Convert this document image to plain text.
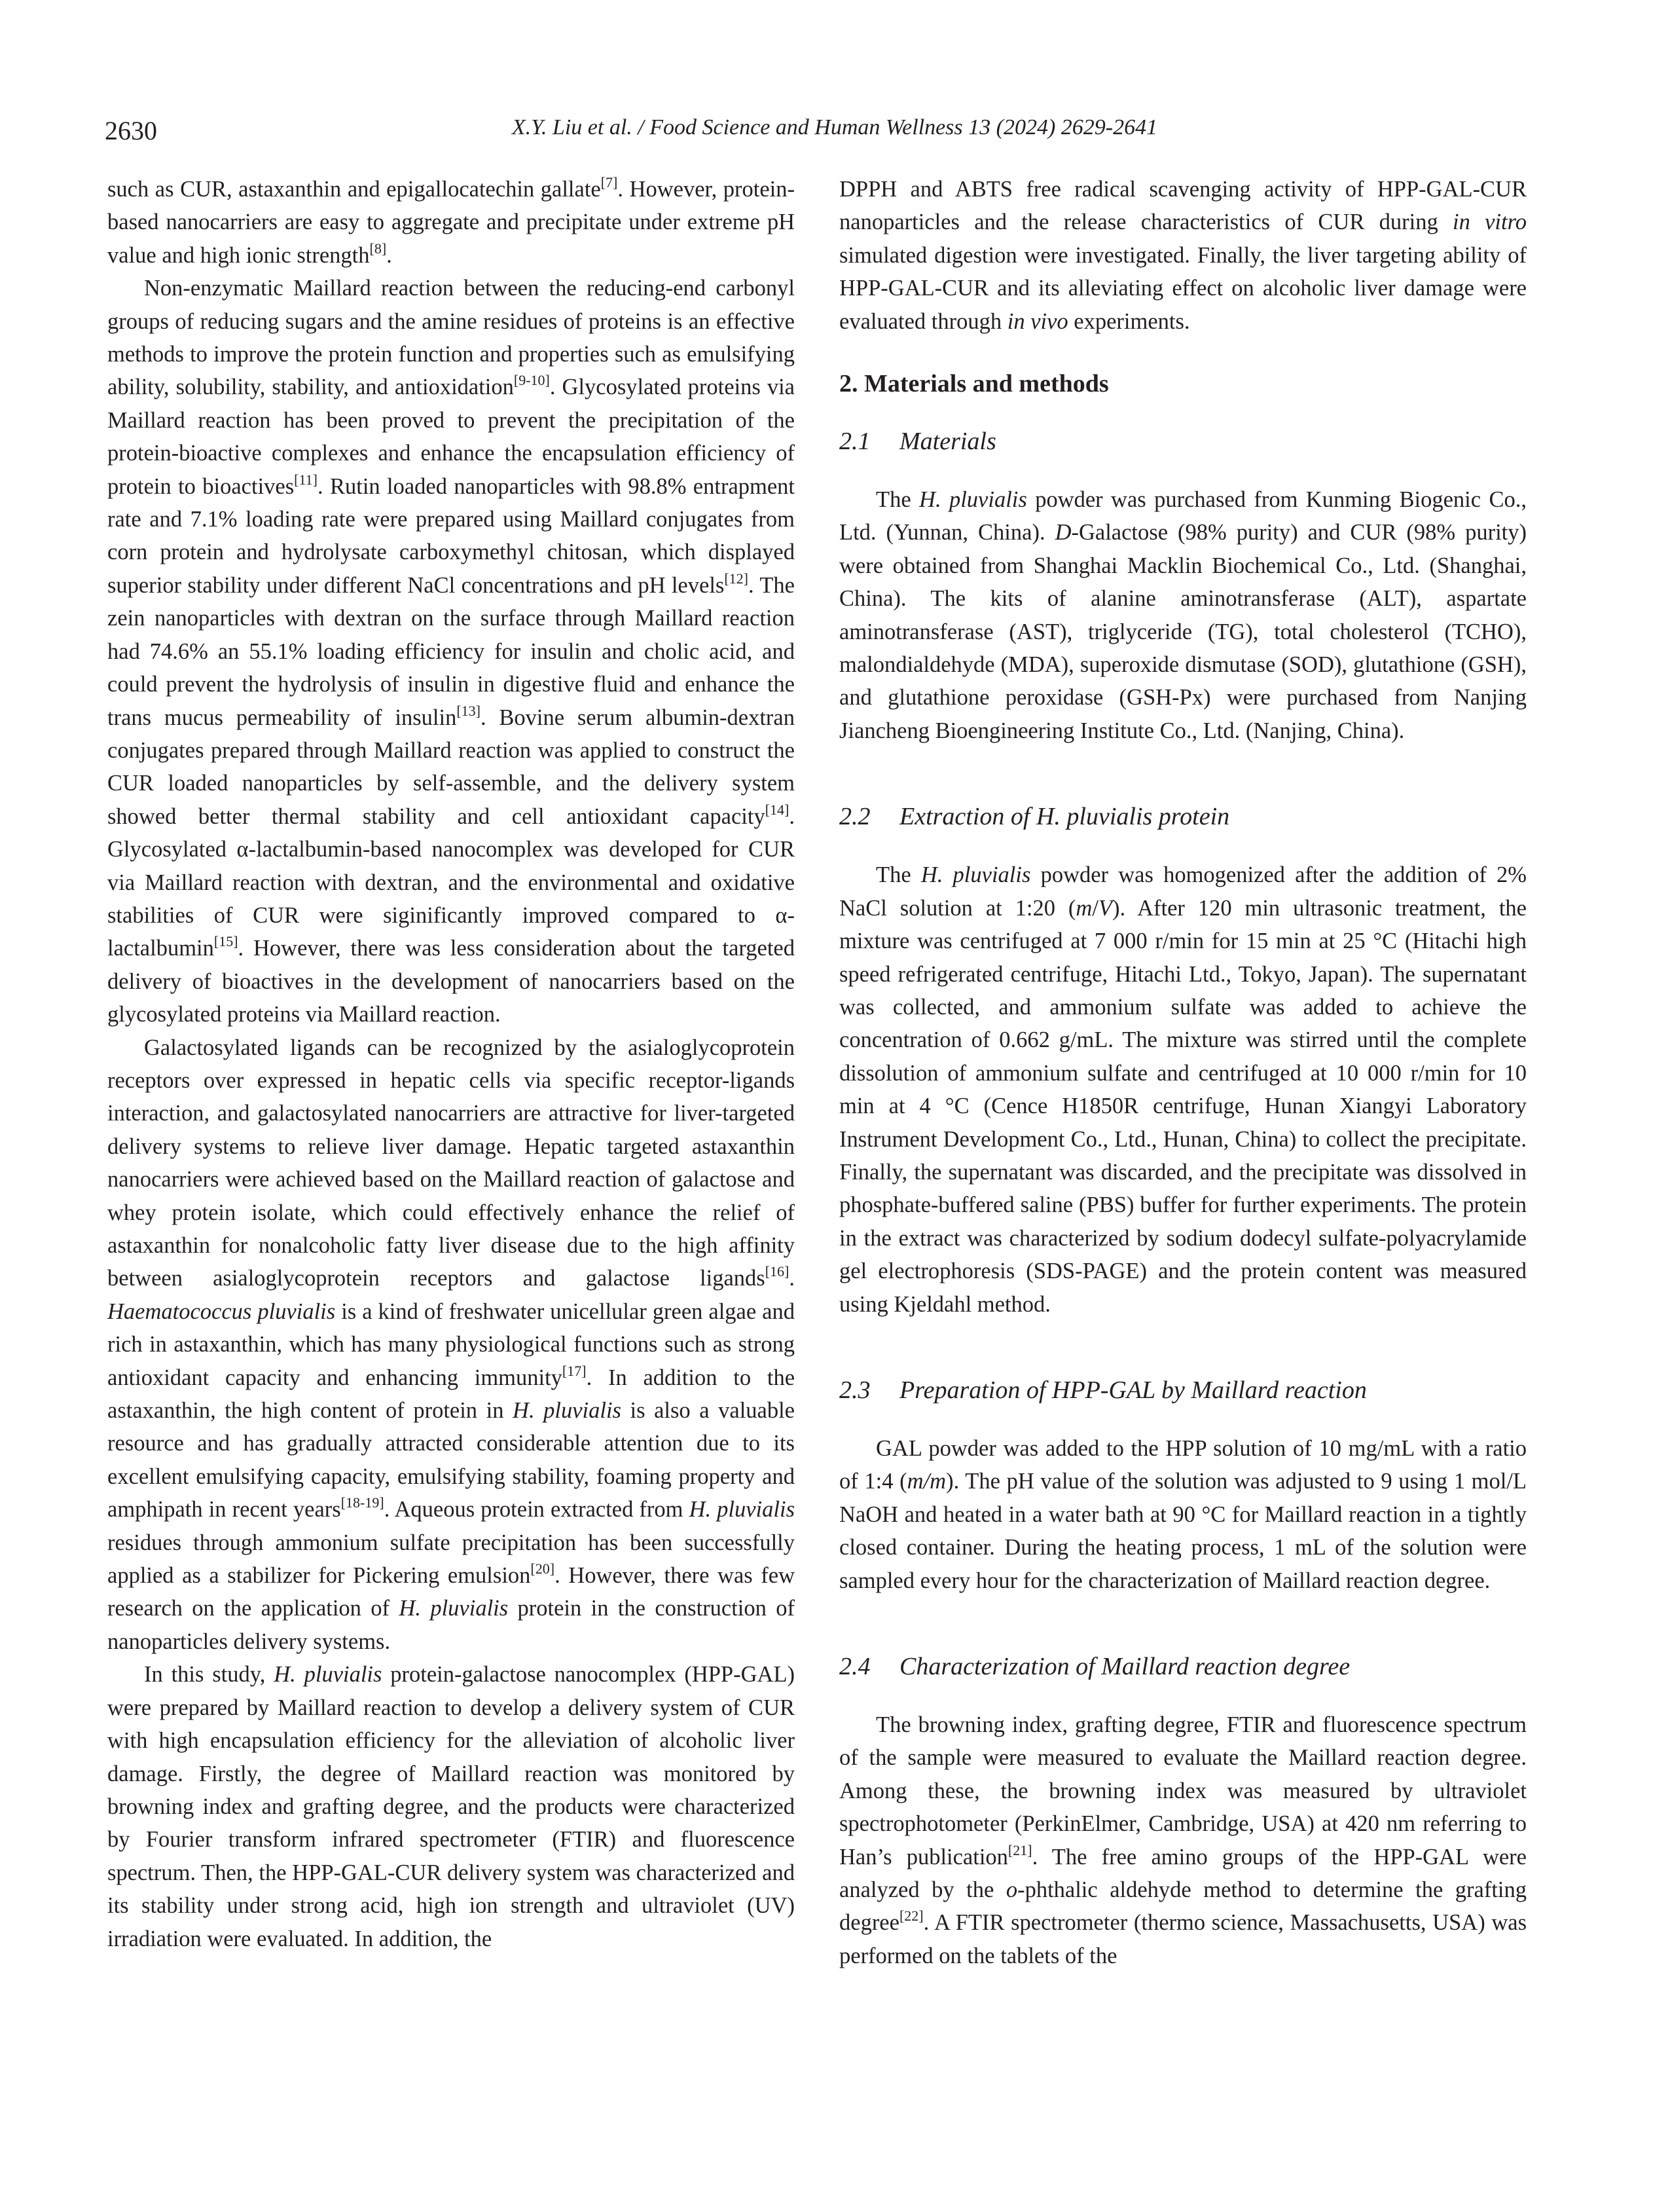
2630	X.Y. Liu et al. / Food Science and Human Wellness 13 (2024) 2629-2641

such as CUR, astaxanthin and epigallocatechin gallate[7]. However, protein-based nanocarriers are easy to aggregate and precipitate under extreme pH value and high ionic strength[8].

Non-enzymatic Maillard reaction between the reducing-end carbonyl groups of reducing sugars and the amine residues of proteins is an effective methods to improve the protein function and properties such as emulsifying ability, solubility, stability, and antioxidation[9-10]. Glycosylated proteins via Maillard reaction has been proved to prevent the precipitation of the protein-bioactive complexes and enhance the encapsulation efficiency of protein to bioactives[11]. Rutin loaded nanoparticles with 98.8% entrapment rate and 7.1% loading rate were prepared using Maillard conjugates from corn protein and hydrolysate carboxymethyl chitosan, which displayed superior stability under different NaCl concentrations and pH levels[12]. The zein nanoparticles with dextran on the surface through Maillard reaction had 74.6% an 55.1% loading efficiency for insulin and cholic acid, and could prevent the hydrolysis of insulin in digestive fluid and enhance the trans mucus permeability of insulin[13]. Bovine serum albumin-dextran conjugates prepared through Maillard reaction was applied to construct the CUR loaded nanoparticles by self-assemble, and the delivery system showed better thermal stability and cell antioxidant capacity[14]. Glycosylated α-lactalbumin-based nanocomplex was developed for CUR via Maillard reaction with dextran, and the environmental and oxidative stabilities of CUR were siginificantly improved compared to α-lactalbumin[15]. However, there was less consideration about the targeted delivery of bioactives in the development of nanocarriers based on the glycosylated proteins via Maillard reaction.

Galactosylated ligands can be recognized by the asialoglycoprotein receptors over expressed in hepatic cells via specific receptor-ligands interaction, and galactosylated nanocarriers are attractive for liver-targeted delivery systems to relieve liver damage. Hepatic targeted astaxanthin nanocarriers were achieved based on the Maillard reaction of galactose and whey protein isolate, which could effectively enhance the relief of astaxanthin for nonalcoholic fatty liver disease due to the high affinity between asialoglycoprotein receptors and galactose ligands[16]. Haematococcus pluvialis is a kind of freshwater unicellular green algae and rich in astaxanthin, which has many physiological functions such as strong antioxidant capacity and enhancing immunity[17]. In addition to the astaxanthin, the high content of protein in H. pluvialis is also a valuable resource and has gradually attracted considerable attention due to its excellent emulsifying capacity, emulsifying stability, foaming property and amphipath in recent years[18-19]. Aqueous protein extracted from H. pluvialis residues through ammonium sulfate precipitation has been successfully applied as a stabilizer for Pickering emulsion[20]. However, there was few research on the application of H. pluvialis protein in the construction of nanoparticles delivery systems.

In this study, H. pluvialis protein-galactose nanocomplex (HPP-GAL) were prepared by Maillard reaction to develop a delivery system of CUR with high encapsulation efficiency for the alleviation of alcoholic liver damage. Firstly, the degree of Maillard reaction was monitored by browning index and grafting degree, and the products were characterized by Fourier transform infrared spectrometer (FTIR) and fluorescence spectrum. Then, the HPP-GAL-CUR delivery system was characterized and its stability under strong acid, high ion strength and ultraviolet (UV) irradiation were evaluated. In addition, the

DPPH and ABTS free radical scavenging activity of HPP-GAL-CUR nanoparticles and the release characteristics of CUR during in vitro simulated digestion were investigated. Finally, the liver targeting ability of HPP-GAL-CUR and its alleviating effect on alcoholic liver damage were evaluated through in vivo experiments.

2. Materials and methods
2.1 Materials

The H. pluvialis powder was purchased from Kunming Biogenic Co., Ltd. (Yunnan, China). D-Galactose (98% purity) and CUR (98% purity) were obtained from Shanghai Macklin Biochemical Co., Ltd. (Shanghai, China). The kits of alanine aminotransferase (ALT), aspartate aminotransferase (AST), triglyceride (TG), total cholesterol (TCHO), malondialdehyde (MDA), superoxide dismutase (SOD), glutathione (GSH), and glutathione peroxidase (GSH-Px) were purchased from Nanjing Jiancheng Bioengineering Institute Co., Ltd. (Nanjing, China).

2.2 Extraction of H. pluvialis protein

The H. pluvialis powder was homogenized after the addition of 2% NaCl solution at 1:20 (m/V). After 120 min ultrasonic treatment, the mixture was centrifuged at 7 000 r/min for 15 min at 25 °C (Hitachi high speed refrigerated centrifuge, Hitachi Ltd., Tokyo, Japan). The supernatant was collected, and ammonium sulfate was added to achieve the concentration of 0.662 g/mL. The mixture was stirred until the complete dissolution of ammonium sulfate and centrifuged at 10 000 r/min for 10 min at 4 °C (Cence H1850R centrifuge, Hunan Xiangyi Laboratory Instrument Development Co., Ltd., Hunan, China) to collect the precipitate. Finally, the supernatant was discarded, and the precipitate was dissolved in phosphate-buffered saline (PBS) buffer for further experiments. The protein in the extract was characterized by sodium dodecyl sulfate-polyacrylamide gel electrophoresis (SDS-PAGE) and the protein content was measured using Kjeldahl method.

2.3 Preparation of HPP-GAL by Maillard reaction

GAL powder was added to the HPP solution of 10 mg/mL with a ratio of 1:4 (m/m). The pH value of the solution was adjusted to 9 using 1 mol/L NaOH and heated in a water bath at 90 °C for Maillard reaction in a tightly closed container. During the heating process, 1 mL of the solution were sampled every hour for the characterization of Maillard reaction degree.

2.4 Characterization of Maillard reaction degree

The browning index, grafting degree, FTIR and fluorescence spectrum of the sample were measured to evaluate the Maillard reaction degree. Among these, the browning index was measured by ultraviolet spectrophotometer (PerkinElmer, Cambridge, USA) at 420 nm referring to Han’s publication[21]. The free amino groups of the HPP-GAL were analyzed by the o-phthalic aldehyde method to determine the grafting degree[22]. A FTIR spectrometer (thermo science, Massachusetts, USA) was performed on the tablets of the
